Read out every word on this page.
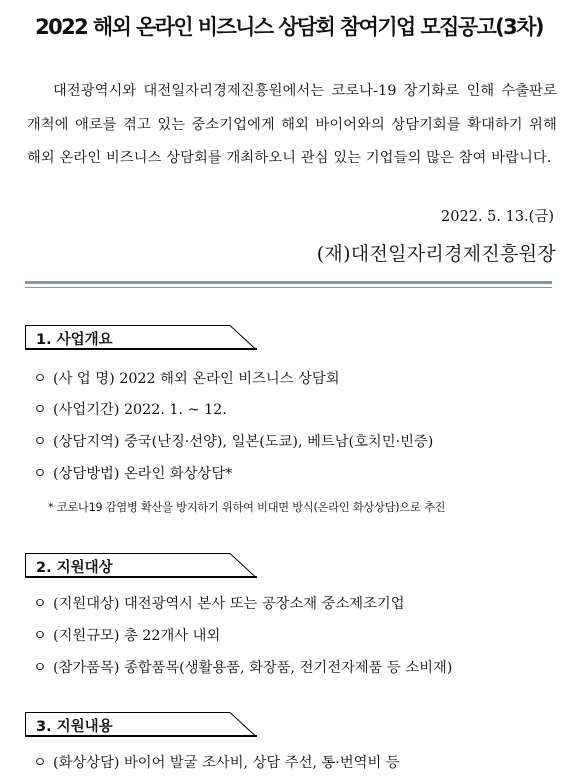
2022 해외 온라인 비즈니스 상담회 참여기업 모집공고(3차)
대전광역시와 대전일자리경제진흥원에서는 코로나-19 장기화로 인해 수출판로 개척에 애로를 겪고 있는 중소기업에게 해외 바이어와의 상담기회를 확대하기 위해 해외 온라인 비즈니스 상담회를 개최하오니 관심 있는 기업들의 많은 참여 바랍니다.
2022. 5. 13.(금)
(재)대전일자리경제진흥원장
1. 사업개요
ㅇ (사 업 명) 2022 해외 온라인 비즈니스 상담회
ㅇ (사업기간) 2022. 1. ~ 12.
ㅇ (상담지역) 중국(난징·선양), 일본(도쿄), 베트남(호치민·빈증)
ㅇ (상담방법) 온라인 화상상담*
* 코로나19 감염병 확산을 방지하기 위하여 비대면 방식(온라인 화상상담)으로 추진
2. 지원대상
ㅇ (지원대상) 대전광역시 본사 또는 공장소재 중소제조기업
ㅇ (지원규모) 총 22개사 내외
ㅇ (참가품목) 종합품목(생활용품, 화장품, 전기전자제품 등 소비재)
3. 지원내용
ㅇ (화상상담) 바이어 발굴 조사비, 상담 주선, 통·번역비 등
